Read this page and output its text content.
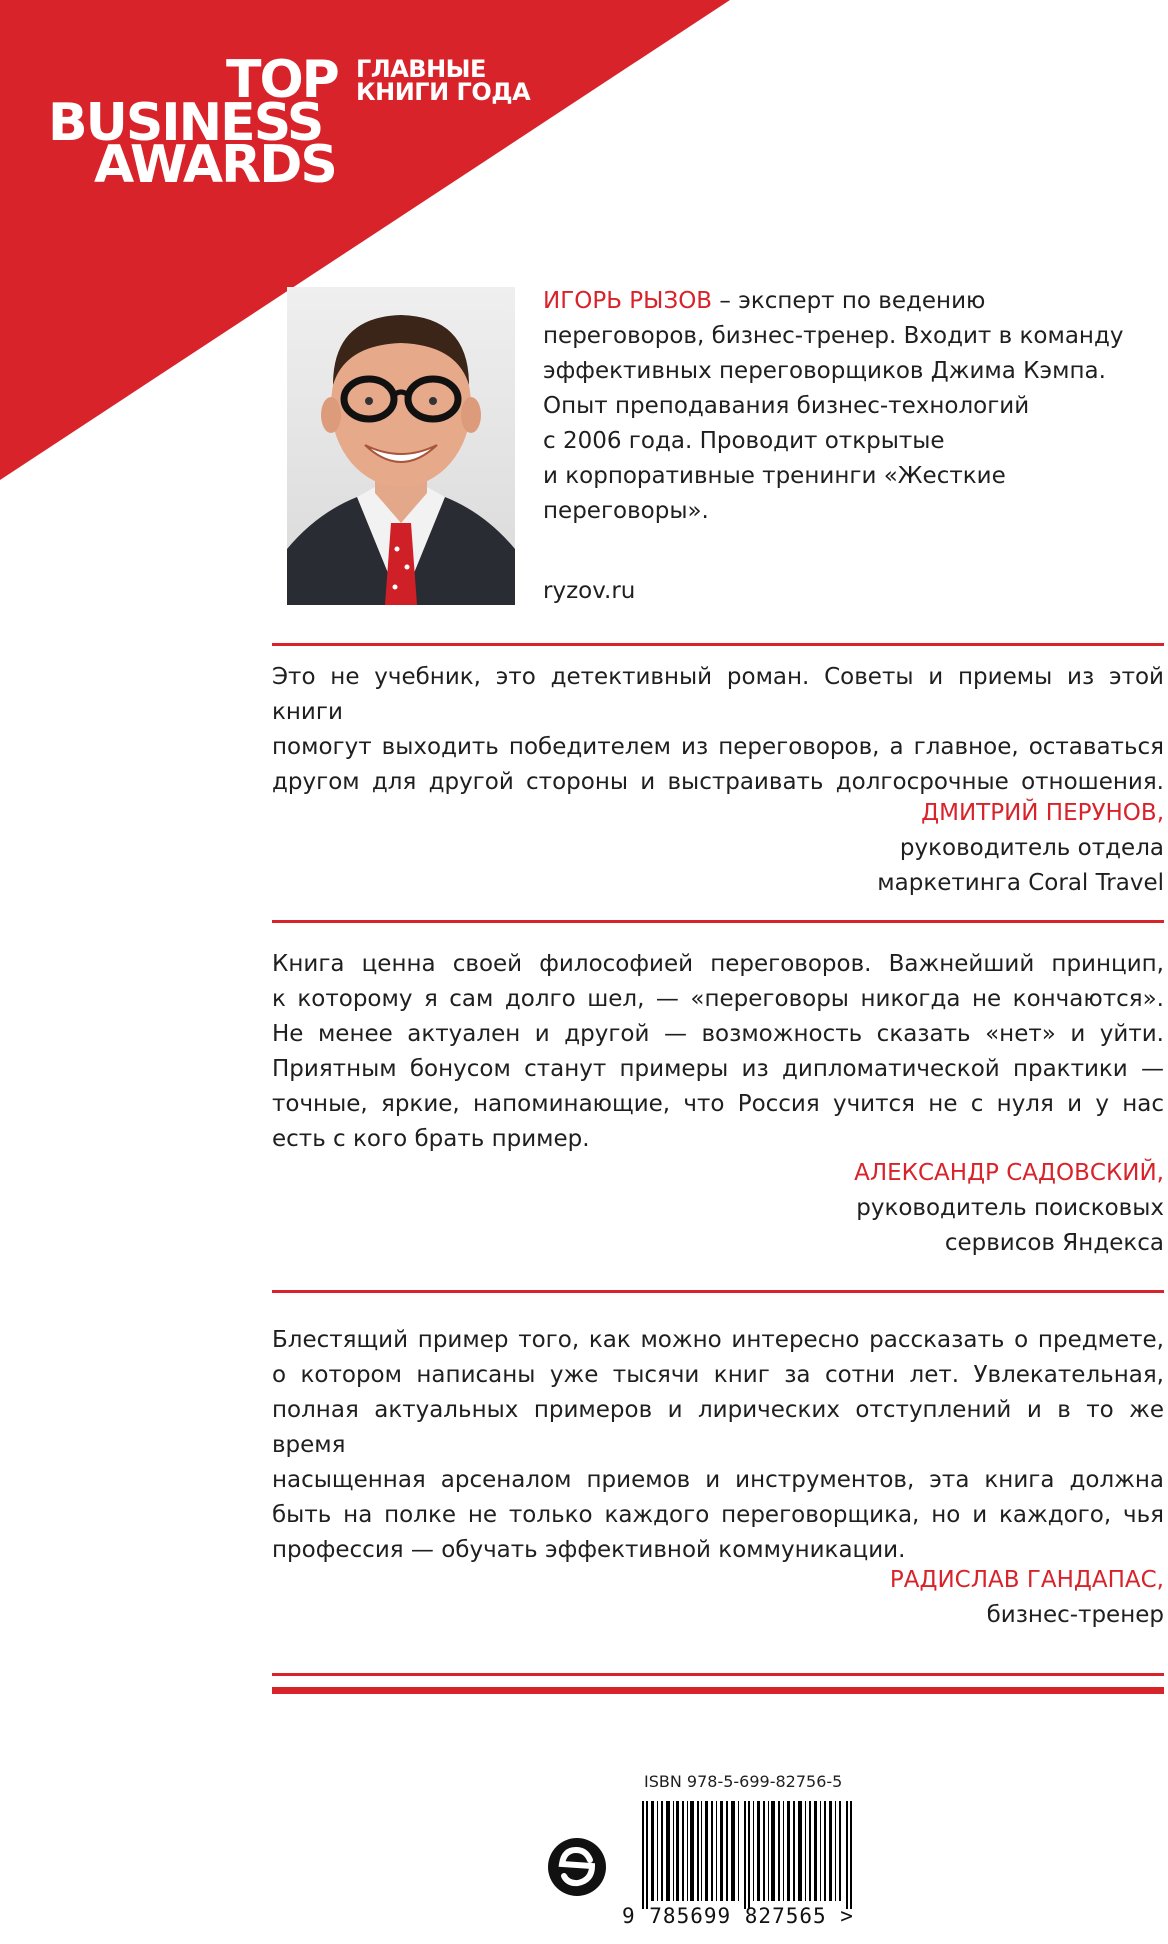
TOP
BUSINESS
AWARDS
ГЛАВНЫЕ
КНИГИ ГОДА
ИГОРЬ РЫЗОВ – эксперт по ведению
переговоров, бизнес-тренер. Входит в команду
эффективных переговорщиков Джима Кэмпа.
Опыт преподавания бизнес-технологий
с 2006 года. Проводит открытые
и корпоративные тренинги «Жесткие
переговоры».
ryzov.ru
Это не учебник, это детективный роман. Советы и приемы из этой книги
помогут выходить победителем из переговоров, а главное, оставаться
другом для другой стороны и выстраивать долгосрочные отношения.
ДМИТРИЙ ПЕРУНОВ,
руководитель отдела
маркетинга Coral Travel
Книга ценна своей философией переговоров. Важнейший принцип,
к которому я сам долго шел, — «переговоры никогда не кончаются».
Не менее актуален и другой — возможность сказать «нет» и уйти.
Приятным бонусом станут примеры из дипломатической практики —
точные, яркие, напоминающие, что Россия учится не с нуля и у нас
есть с кого брать пример.
АЛЕКСАНДР САДОВСКИЙ,
руководитель поисковых
сервисов Яндекса
Блестящий пример того, как можно интересно рассказать о предмете,
о котором написаны уже тысячи книг за сотни лет. Увлекательная,
полная актуальных примеров и лирических отступлений и в то же время
насыщенная арсеналом приемов и инструментов, эта книга должна
быть на полке не только каждого переговорщика, но и каждого, чья
профессия — обучать эффективной коммуникации.
РАДИСЛАВ ГАНДАПАС,
бизнес-тренер
ISBN 978-5-699-82756-5
9 785699 827565 >
